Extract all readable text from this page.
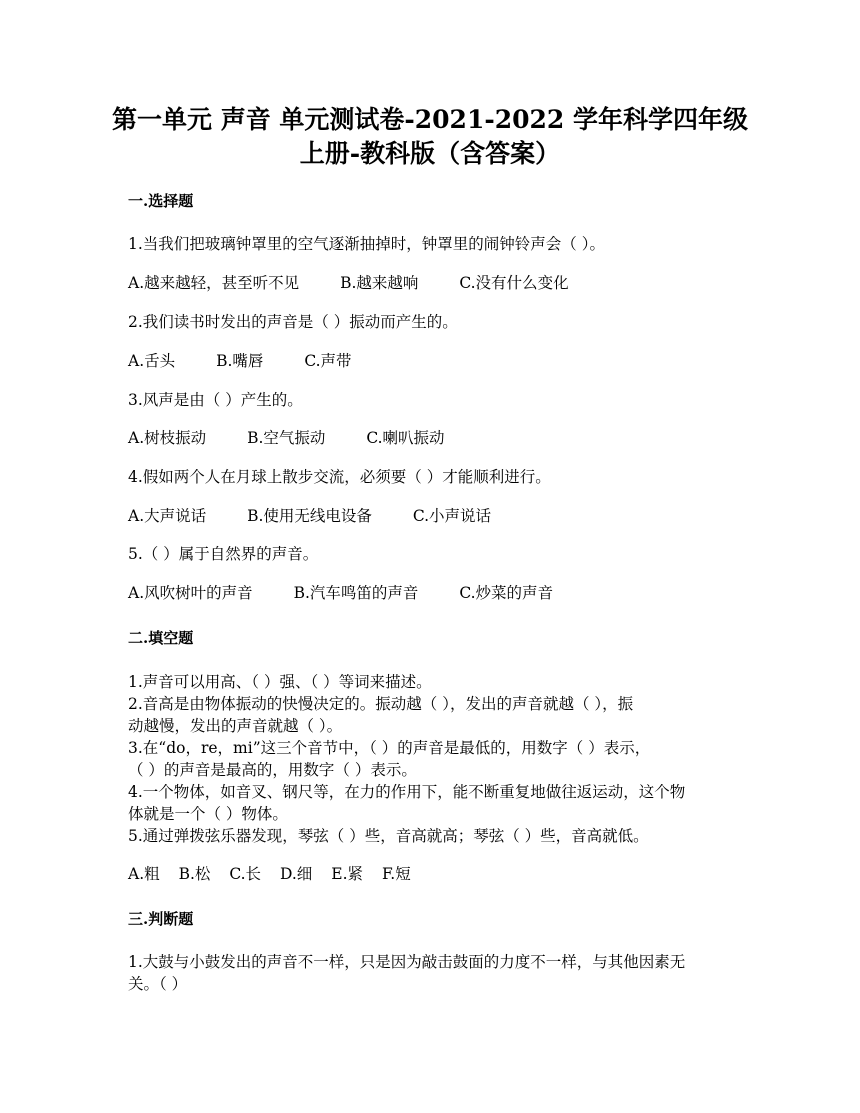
第一单元 声音 单元测试卷-2021-2022 学年科学四年级
上册-教科版（含答案）
一.选择题
1.当我们把玻璃钟罩里的空气逐渐抽掉时，钟罩里的闹钟铃声会（ ）。
A.越来越轻，甚至听不见	B.越来越响	C.没有什么变化
2.我们读书时发出的声音是（ ）振动而产生的。
A.舌头	B.嘴唇	C.声带
3.风声是由（ ）产生的。
A.树枝振动	B.空气振动	C.喇叭振动
4.假如两个人在月球上散步交流，必须要（ ）才能顺利进行。
A.大声说话	B.使用无线电设备	C.小声说话
5.（ ）属于自然界的声音。
A.风吹树叶的声音	B.汽车鸣笛的声音	C.炒菜的声音
二.填空题
1.声音可以用高、（ ）强、（ ）等词来描述。
2.音高是由物体振动的快慢决定的。振动越（ ），发出的声音就越（ ），振
动越慢，发出的声音就越（ ）。
3.在“do，re，mi”这三个音节中，（ ）的声音是最低的，用数字（ ）表示，
（ ）的声音是最高的，用数字（ ）表示。
4.一个物体，如音叉、钢尺等，在力的作用下，能不断重复地做往返运动，这个物
体就是一个（ ）物体。
5.通过弹拨弦乐器发现，琴弦（ ）些，音高就高；琴弦（ ）些，音高就低。
A.粗 B.松 C.长 D.细 E.紧 F.短
三.判断题
1.大鼓与小鼓发出的声音不一样，只是因为敲击鼓面的力度不一样，与其他因素无
关。（ ）
